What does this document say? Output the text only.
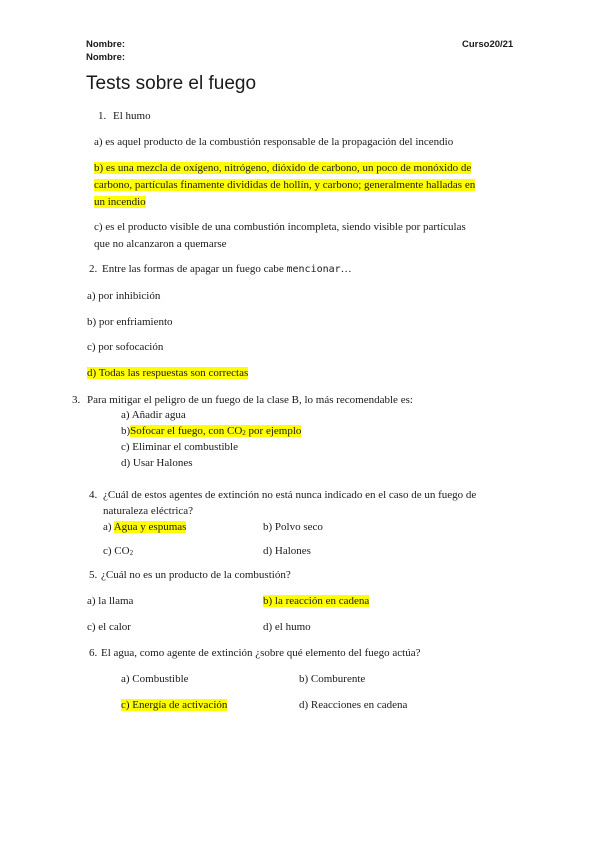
Nombre:
Nombre:
Curso20/21
Tests sobre el fuego
1. El humo
a) es aquel producto de la combustión responsable de la propagación del incendio
b) es una mezcla de oxígeno, nitrógeno, dióxido de carbono, un poco de monóxido de
carbono, partículas finamente divididas de hollín, y carbono; generalmente halladas en
un incendio
c) es el producto visible de una combustión incompleta, siendo visible por partículas
que no alcanzaron a quemarse
2. Entre las formas de apagar un fuego cabe mencionar…
a) por inhibición
b) por enfriamiento
c) por sofocación
d) Todas las respuestas son correctas
3. Para mitigar el peligro de un fuego de la clase B, lo más recomendable es:
a) Añadir agua
b)Sofocar el fuego, con $CO_2$ por ejemplo
c) Eliminar el combustible
d) Usar Halones
4. ¿Cuál de estos agentes de extinción no está nunca indicado en el caso de un fuego de
naturaleza eléctrica?
a) Agua y espumas	b) Polvo seco
c) $CO_2$	d) Halones
5. ¿Cuál no es un producto de la combustión?
a) la llama	b) la reacción en cadena
c) el calor	d) el humo
6. El agua, como agente de extinción ¿sobre qué elemento del fuego actúa?
a) Combustible	b) Comburente
c) Energía de activación	d) Reacciones en cadena
